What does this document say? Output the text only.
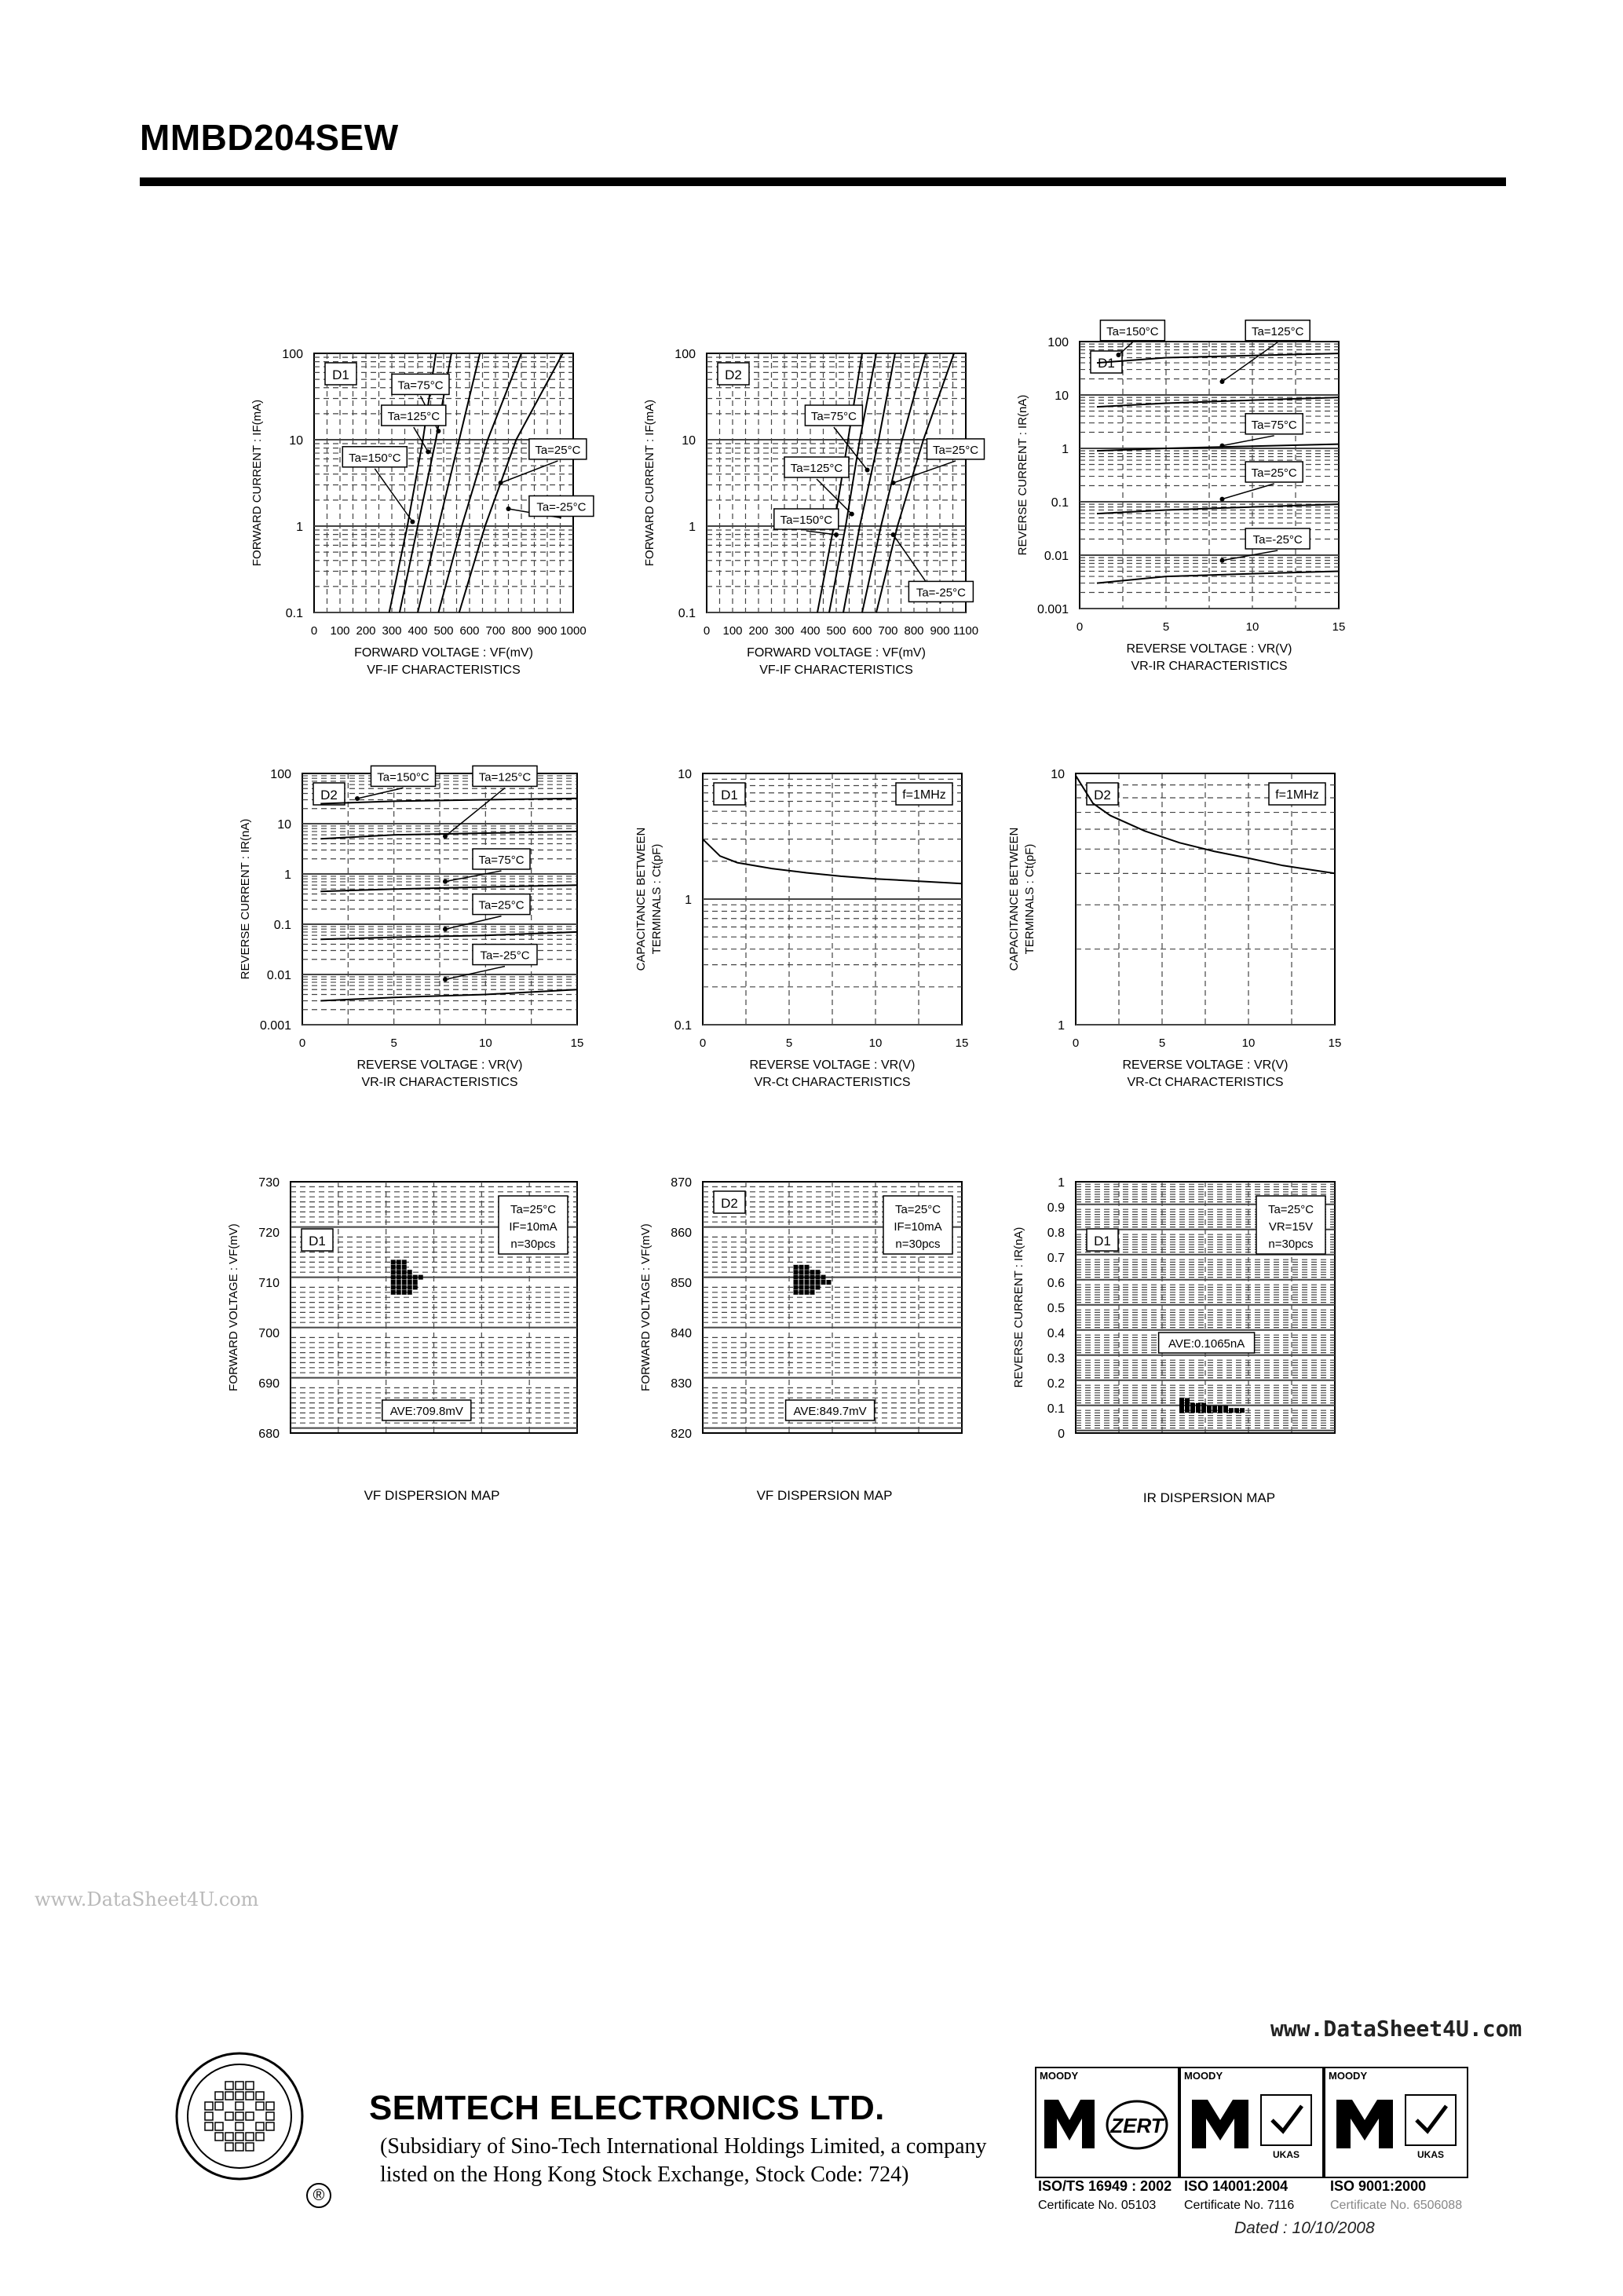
MMBD204SEW
0.1
1
10
100
0 100 200 300 400 500 600 700 800 900 1000
FORWARD VOLTAGE : VF(mV)
VF-IF CHARACTERISTICS
FORWARD CURRENT : IF(mA)
D1
Ta=75°C
Ta=125°C
Ta=150°C
Ta=25°C
Ta=-25°C
0.1
1
10
100
0 100 200 300 400 500 600 700 800 900 1100
FORWARD VOLTAGE : VF(mV)
VF-IF CHARACTERISTICS
FORWARD CURRENT : IF(mA)
D2
Ta=75°C
Ta=125°C
Ta=150°C
Ta=25°C
Ta=-25°C
0.001
0.01
0.1
1
10
100
0	5	10	15
REVERSE VOLTAGE : VR(V)
VR-IR CHARACTERISTICS
REVERSE CURRENT : IR(nA)
D1
Ta=150°C	Ta=125°C
Ta=75°C
Ta=25°C
Ta=-25°C
0.001
0.01
0.1
1
10
100
0	5	10	15
REVERSE VOLTAGE : VR(V)
VR-IR CHARACTERISTICS
REVERSE CURRENT : IR(nA)
D2
Ta=150°C	Ta=125°C
Ta=75°C
Ta=25°C
Ta=-25°C
0.1
1
10
0	5	10	15
REVERSE VOLTAGE : VR(V)
VR-Ct CHARACTERISTICS
CAPACITANCE BETWEEN TERMINALS : Ct(pF)
D1	f=1MHz
1
10
0	5	10	15
REVERSE VOLTAGE : VR(V)
VR-Ct CHARACTERISTICS
CAPACITANCE BETWEEN TERMINALS : Ct(pF)
D2	f=1MHz
680
690
700
710
720
730
FORWARD VOLTAGE : VF(mV)	D1
Ta=25°C
IF=10mA
n=30pcs
AVE:709.8mV
820
830
840
850
860
870
FORWARD VOLTAGE : VF(mV)
D2	Ta=25°C
IF=10mA
n=30pcs
AVE:849.7mV
0
0.1
0.2
0.3
0.4
0.5
0.6
0.7
0.8
0.9
1
REVERSE CURRENT : IR(nA)	D1
Ta=25°C
VR=15V
n=30pcs
AVE:0.1065nA
VF DISPERSION MAP	VF DISPERSION MAP	IR DISPERSION MAP
www.DataSheet4U.com
®
SEMTECH ELECTRONICS LTD.
(Subsidiary of Sino-Tech International Holdings Limited, a company
listed on the Hong Kong Stock Exchange, Stock Code: 724)
MOODY
ZERT
MOODY
UKAS
MOODY
UKAS
ISO/TS 16949 : 2002 ISO 14001:2004	ISO 9001:2000
Certificate No. 05103 Certificate No. 7116	Certificate No. 6506088
www.DataSheet4U.com
Dated : 10/10/2008
